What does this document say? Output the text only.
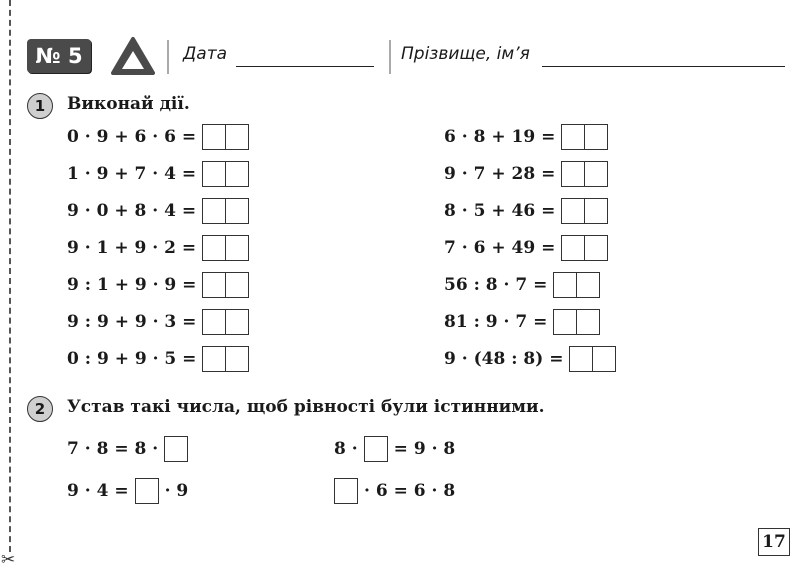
✂
№ 5	Дата	Прізвище, ім’я
1	Виконай дії.
0 · 9 + 6 · 6 =
1 · 9 + 7 · 4 =
9 · 0 + 8 · 4 =
9 · 1 + 9 · 2 =
9 : 1 + 9 · 9 =
9 : 9 + 9 · 3 =
0 : 9 + 9 · 5 =
6 · 8 + 19 =
9 · 7 + 28 =
8 · 5 + 46 =
7 · 6 + 49 =
56 : 8 · 7 =
81 : 9 · 7 =
9 · (48 : 8) =
2	Устав такі числа, щоб рівності були істинними.
7 · 8 = 8 ·	8 · = 9 · 8
9 · 4 = · 9	· 6 = 6 · 8
17
